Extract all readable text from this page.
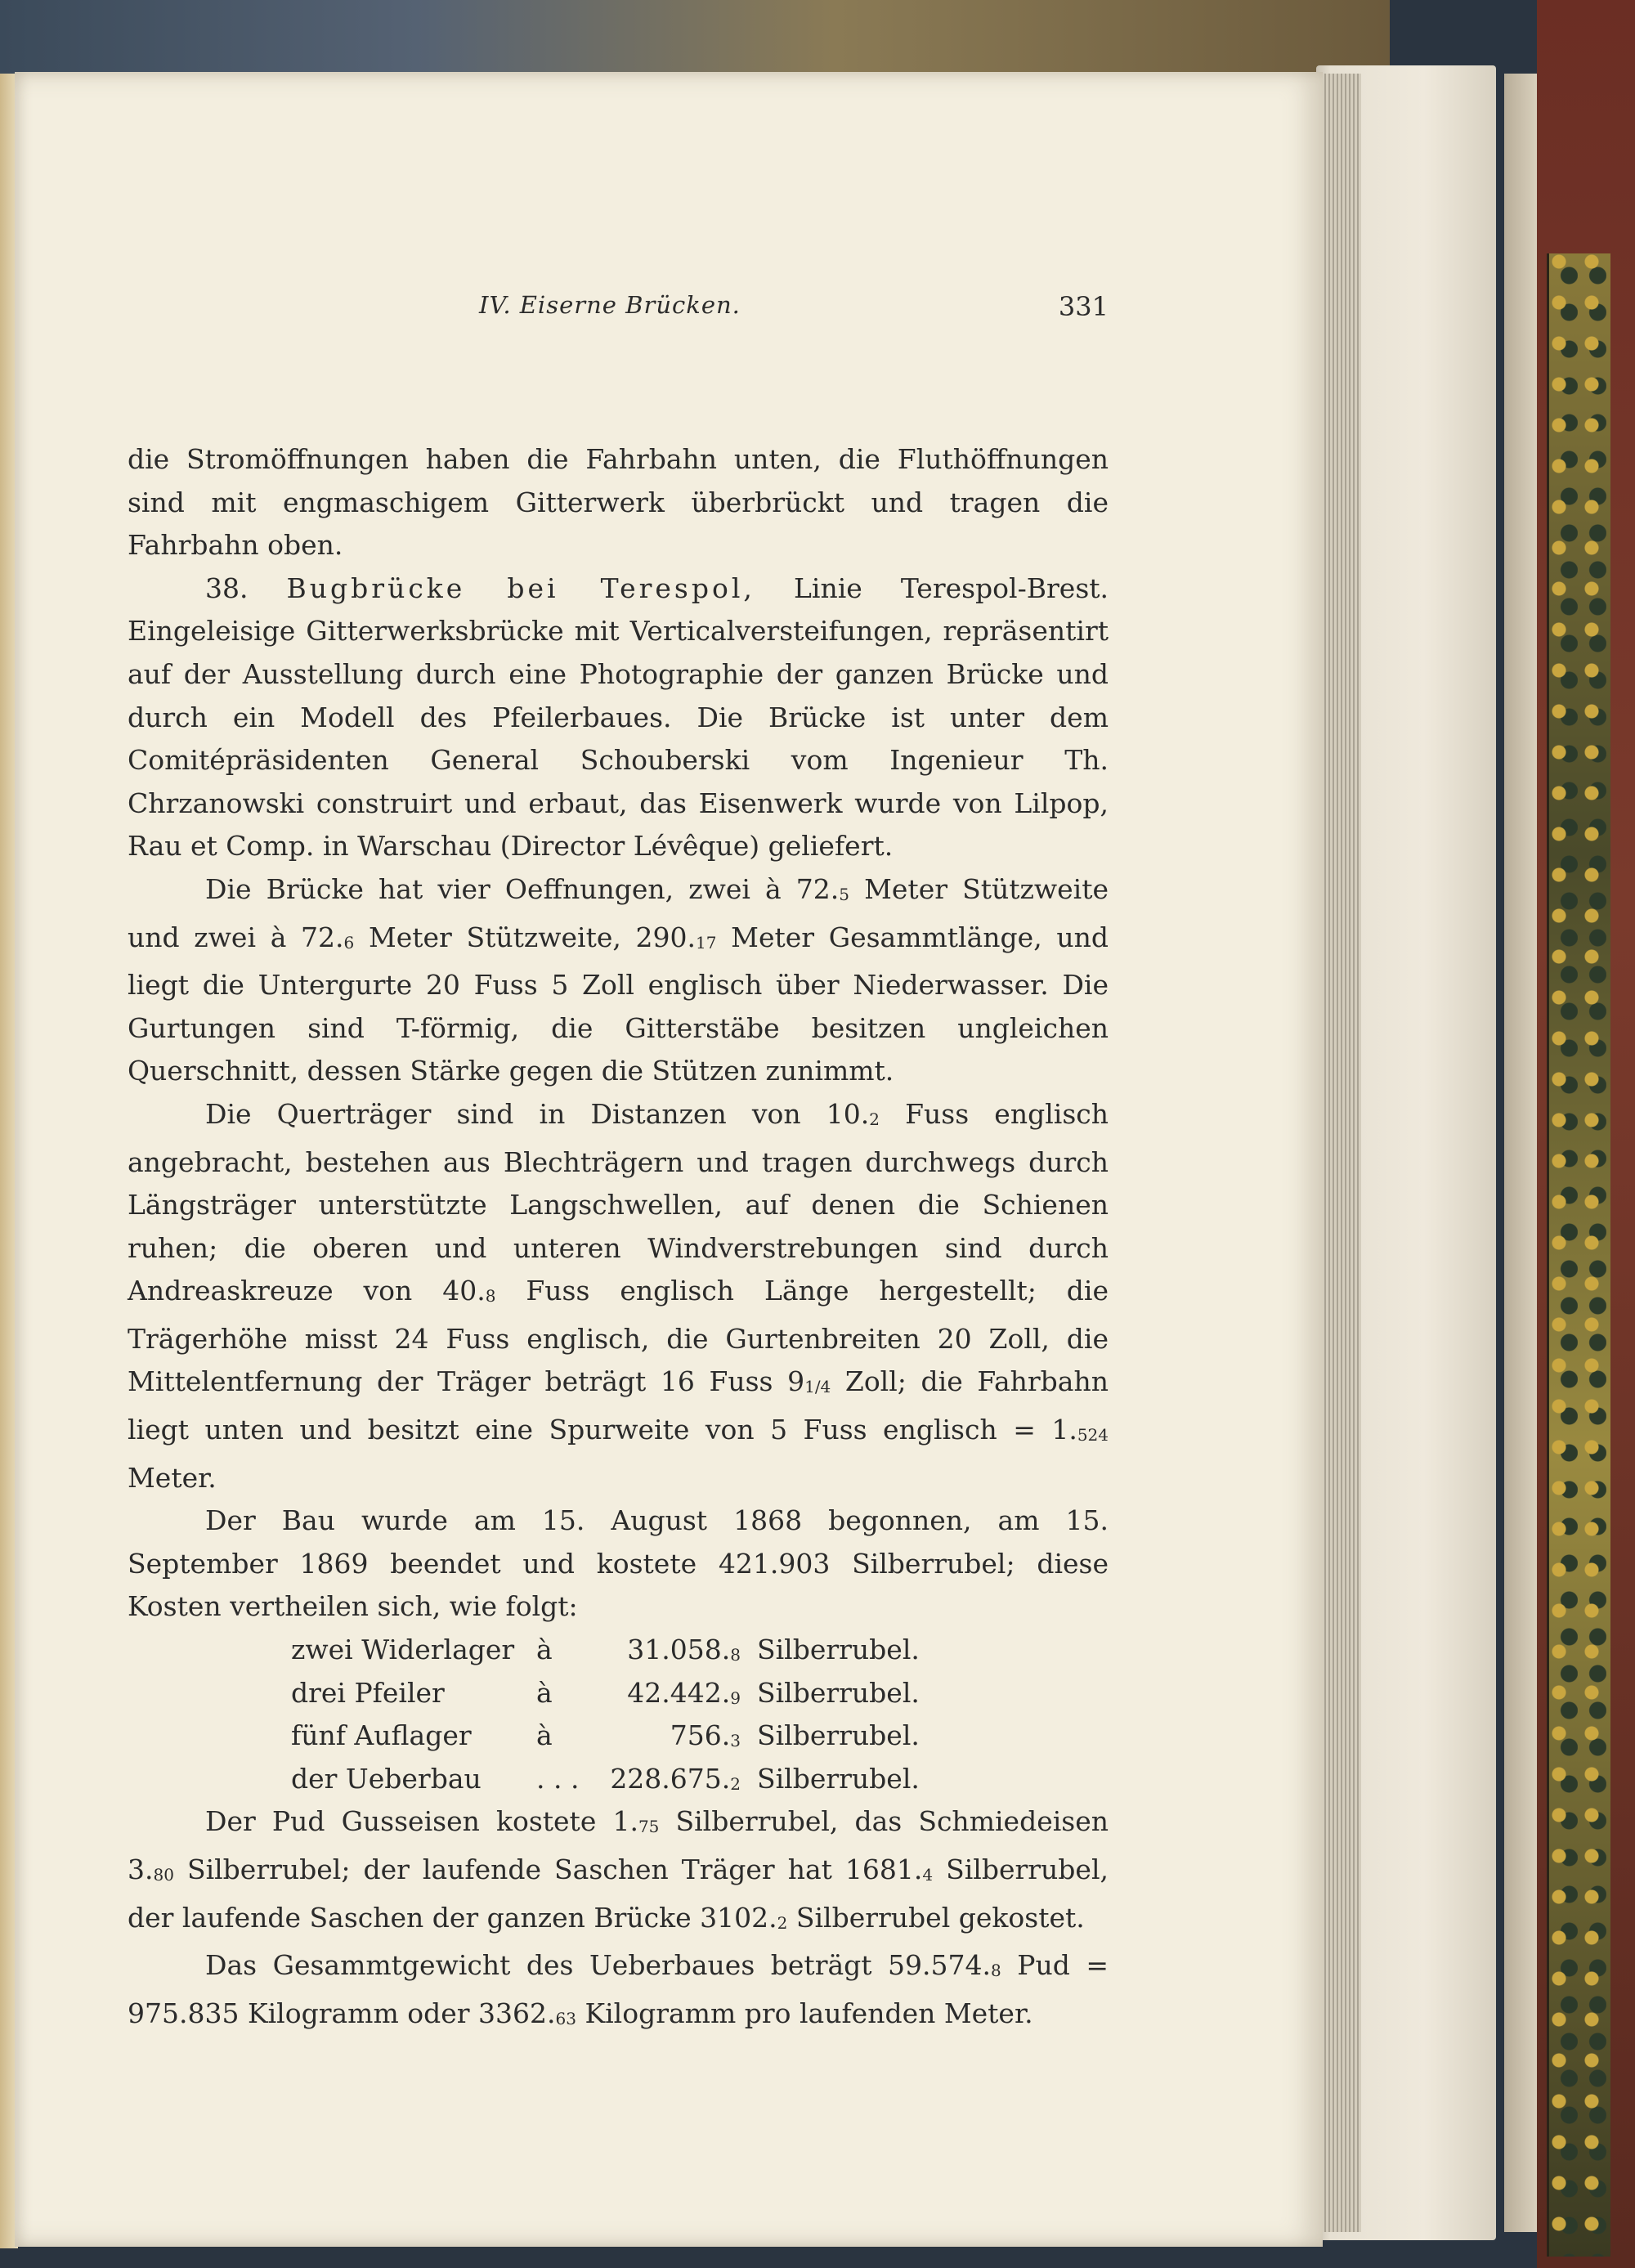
IV. Eiserne Brücken.	331

die Stromöffnungen haben die Fahrbahn unten, die Fluthöffnungen sind mit engmaschigem Gitterwerk überbrückt und tragen die Fahrbahn oben.

38. Bugbrücke bei Terespol, Linie Terespol-Brest. Eingeleisige Gitterwerksbrücke mit Verticalversteifungen, repräsentirt auf der Ausstellung durch eine Photographie der ganzen Brücke und durch ein Modell des Pfeilerbaues. Die Brücke ist unter dem Comitépräsidenten General Schouberski vom Ingenieur Th. Chrzanowski construirt und erbaut, das Eisenwerk wurde von Lilpop, Rau et Comp. in Warschau (Director Lévêque) geliefert.

Die Brücke hat vier Oeffnungen, zwei à 72.5 Meter Stützweite und zwei à 72.6 Meter Stützweite, 290.17 Meter Gesammtlänge, und liegt die Untergurte 20 Fuss 5 Zoll englisch über Niederwasser. Die Gurtungen sind T-förmig, die Gitterstäbe besitzen ungleichen Querschnitt, dessen Stärke gegen die Stützen zunimmt.

Die Querträger sind in Distanzen von 10.2 Fuss englisch angebracht, bestehen aus Blechträgern und tragen durchwegs durch Längsträger unterstützte Langschwellen, auf denen die Schienen ruhen; die oberen und unteren Windverstrebungen sind durch Andreaskreuze von 40.8 Fuss englisch Länge hergestellt; die Trägerhöhe misst 24 Fuss englisch, die Gurtenbreiten 20 Zoll, die Mittelentfernung der Träger beträgt 16 Fuss 91/4 Zoll; die Fahrbahn liegt unten und besitzt eine Spurweite von 5 Fuss englisch = 1.524 Meter.

Der Bau wurde am 15. August 1868 begonnen, am 15. September 1869 beendet und kostete 421.903 Silberrubel; diese Kosten vertheilen sich, wie folgt:

zwei Widerlager à	31.058.8 Silberrubel.
drei Pfeiler	à	42.442.9 Silberrubel.
fünf Auflager	à	756.3 Silberrubel.
der Ueberbau	. . .	228.675.2 Silberrubel.

Der Pud Gusseisen kostete 1.75 Silberrubel, das Schmiedeisen 3.80 Silberrubel; der laufende Saschen Träger hat 1681.4 Silberrubel, der laufende Saschen der ganzen Brücke 3102.2 Silberrubel gekostet.

Das Gesammtgewicht des Ueberbaues beträgt 59.574.8 Pud = 975.835 Kilogramm oder 3362.63 Kilogramm pro laufenden Meter.
